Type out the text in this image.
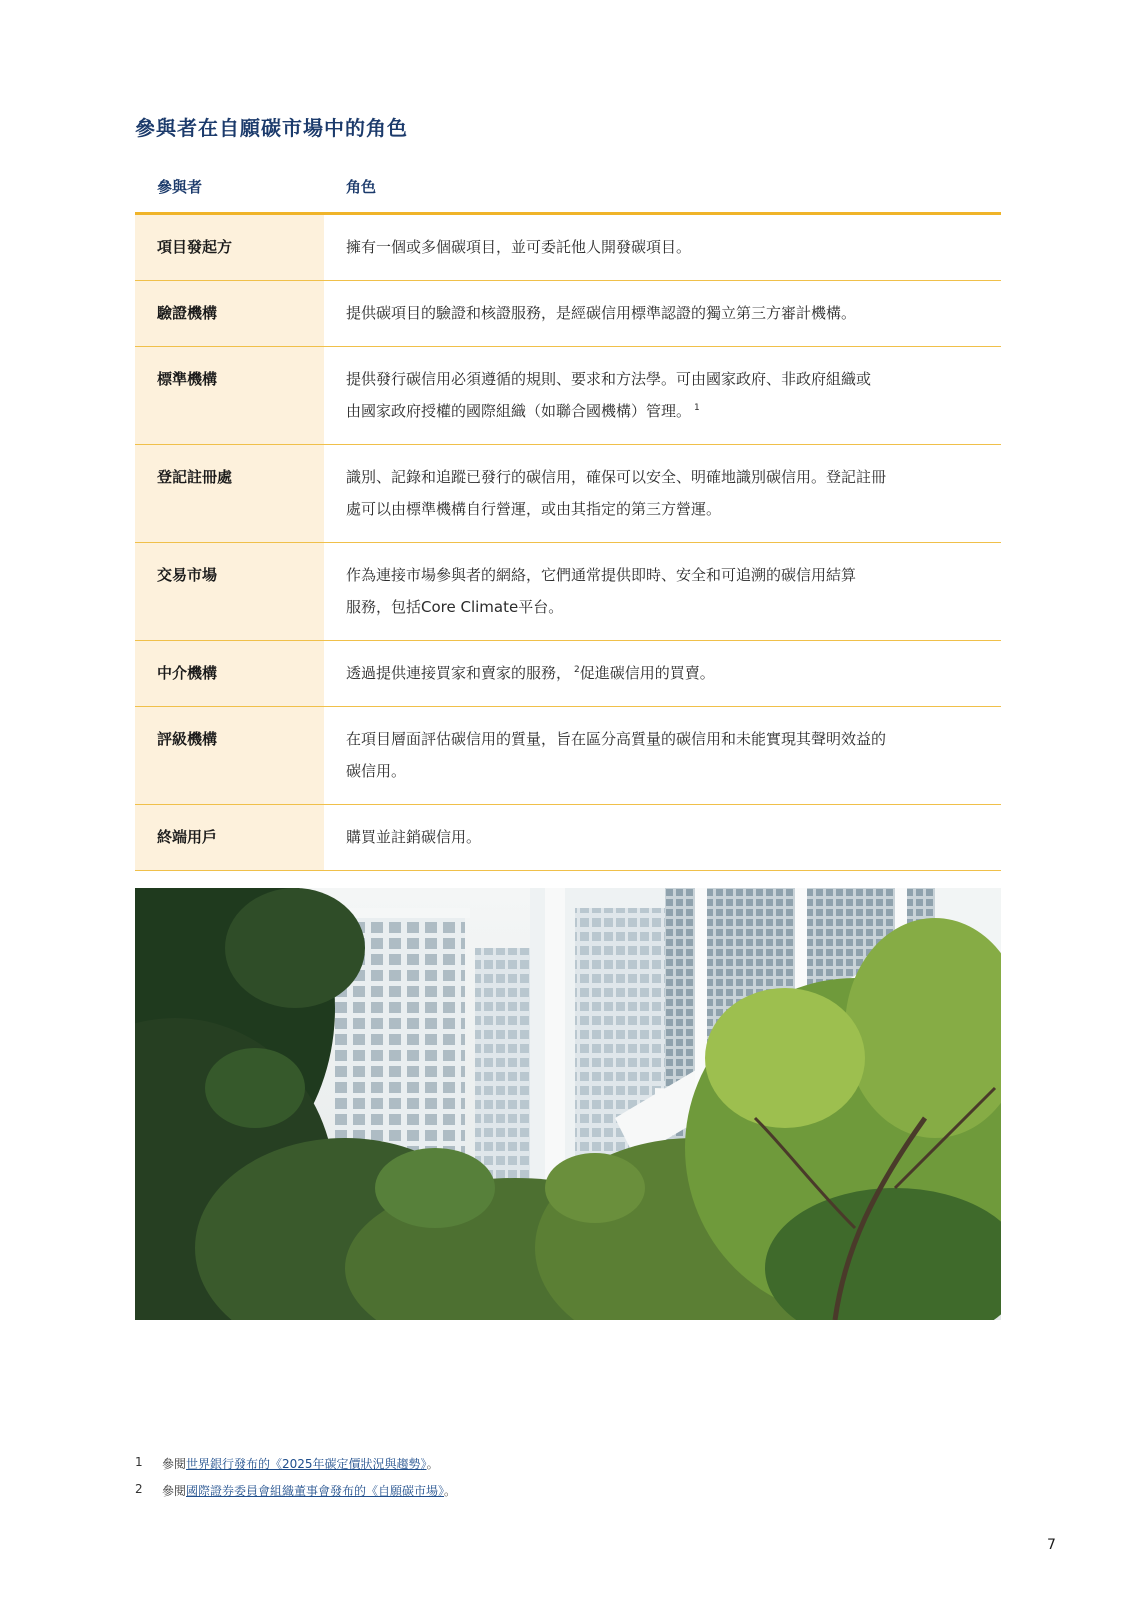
參與者在自願碳市場中的角色
參與者	角色
項目發起方	擁有一個或多個碳項目，並可委託他人開發碳項目。

驗證機構	提供碳項目的驗證和核證服務，是經碳信用標準認證的獨立第三方審計機構。

標準機構	提供發行碳信用必須遵循的規則、要求和方法學。可由國家政府、非政府組織或
由國家政府授權的國際組織（如聯合國機構）管理。 $^1$

登記註冊處	識別、記錄和追蹤已發行的碳信用，確保可以安全、明確地識別碳信用。登記註冊
處可以由標準機構自行營運，或由其指定的第三方營運。

交易市場	作為連接市場參與者的網絡，它們通常提供即時、安全和可追溯的碳信用結算
服務，包括Core Climate平台。

中介機構	透過提供連接買家和賣家的服務， $^2$促進碳信用的買賣。

評級機構	在項目層面評估碳信用的質量，旨在區分高質量的碳信用和未能實現其聲明效益的
碳信用。

終端用戶	購買並註銷碳信用。
1	參閱世界銀行發布的《2025年碳定價狀況與趨勢》。
2	參閱國際證券委員會組織董事會發布的《自願碳市場》。
7
